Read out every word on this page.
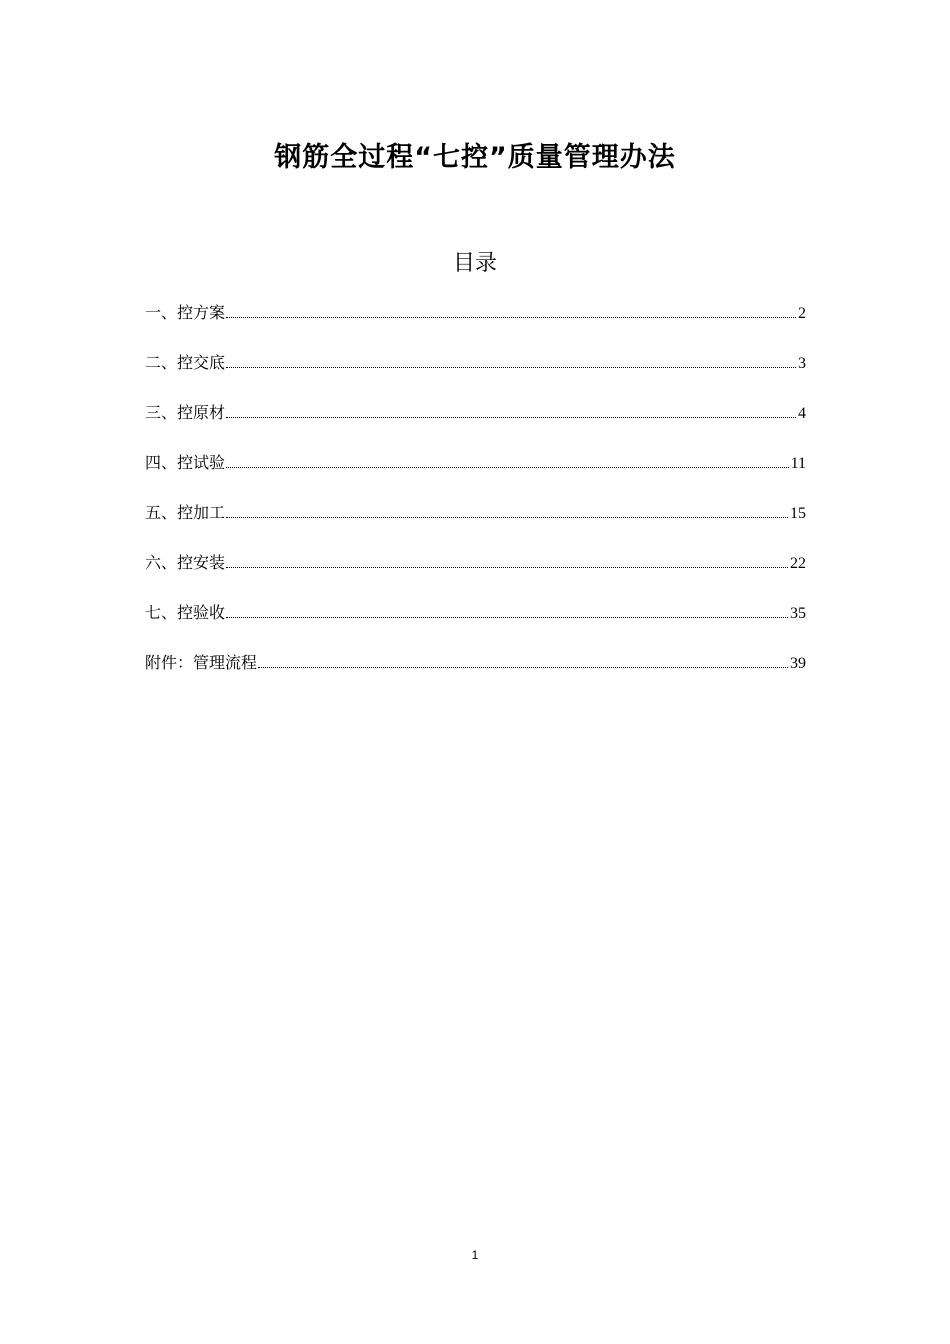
钢筋全过程“七控”质量管理办法
目录
一、控方案	2
二、控交底	3
三、控原材	4
四、控试验	11
五、控加工	15
六、控安装	22
七、控验收	35
附件：管理流程	39
1
